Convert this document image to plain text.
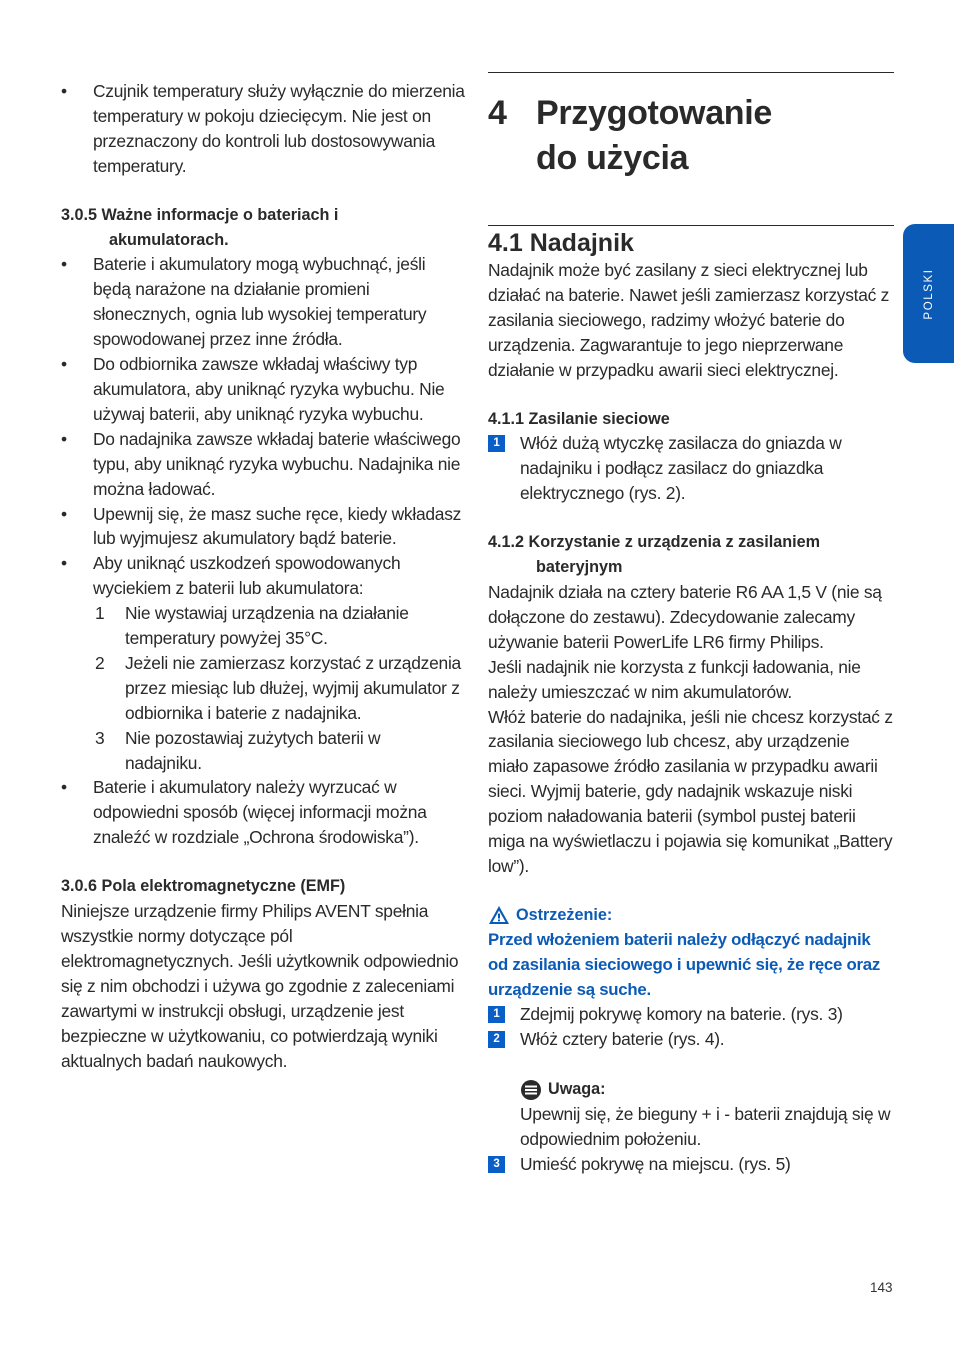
•	Czujnik temperatury służy wyłącznie do mierzenia temperatury w pokoju dziecięcym. Nie jest on przeznaczony do kontroli lub dostosowywania temperatury.
3.0.5 Ważne informacje o bateriach i
akumulatorach.
•	Baterie i akumulatory mogą wybuchnąć, jeśli będą narażone na działanie promieni słonecznych, ognia lub wysokiej temperatury spowodowanej przez inne źródła.
•	Do odbiornika zawsze wkładaj właściwy typ akumulatora, aby uniknąć ryzyka wybuchu. Nie używaj baterii, aby uniknąć ryzyka wybuchu.
•	Do nadajnika zawsze wkładaj baterie właściwego typu, aby uniknąć ryzyka wybuchu. Nadajnika nie można ładować.
•	Upewnij się, że masz suche ręce, kiedy wkładasz lub wyjmujesz akumulatory bądź baterie.
•	Aby uniknąć uszkodzeń spowodowanych wyciekiem z baterii lub akumulatora:
1 Nie wystawiaj urządzenia na działanie temperatury powyżej 35°C.
2 Jeżeli nie zamierzasz korzystać z urządzenia przez miesiąc lub dłużej, wyjmij akumulator z odbiornika i baterie z nadajnika.
3 Nie pozostawiaj zużytych baterii w nadajniku.
•	Baterie i akumulatory należy wyrzucać w odpowiedni sposób (więcej informacji można znaleźć w rozdziale „Ochrona środowiska”).
3.0.6 Pola elektromagnetyczne (EMF)

Niniejsze urządzenie firmy Philips AVENT spełnia wszystkie normy dotyczące pól elektromagnetycznych. Jeśli użytkownik odpowiednio się z nim obchodzi i używa go zgodnie z zaleceniami zawartymi w instrukcji obsługi, urządzenie jest bezpieczne w użytkowaniu, co potwierdzają wyniki aktualnych badań naukowych.

4 Przygotowanie
do użycia
4.1 Nadajnik

Nadajnik może być zasilany z sieci elektrycznej lub działać na baterie. Nawet jeśli zamierzasz korzystać z zasilania sieciowego, radzimy włożyć baterie do urządzenia. Zagwarantuje to jego nieprzerwane działanie w przypadku awarii sieci elektrycznej.

4.1.1 Zasilanie sieciowe
1	Włóż dużą wtyczkę zasilacza do gniazda w nadajniku i podłącz zasilacz do gniazdka elektrycznego (rys. 2).
4.1.2 Korzystanie z urządzenia z zasilaniem
bateryjnym

Nadajnik działa na cztery baterie R6 AA 1,5 V (nie są dołączone do zestawu). Zdecydowanie zalecamy używanie baterii PowerLife LR6 firmy Philips.

Jeśli nadajnik nie korzysta z funkcji ładowania, nie należy umieszczać w nim akumulatorów.

Włóż baterie do nadajnika, jeśli nie chcesz korzystać z zasilania sieciowego lub chcesz, aby urządzenie miało zapasowe źródło zasilania w przypadku awarii sieci. Wyjmij baterie, gdy nadajnik wskazuje niski poziom naładowania baterii (symbol pustej baterii miga na wyświetlaczu i pojawia się komunikat „Battery low”).

Ostrzeżenie:

Przed włożeniem baterii należy odłączyć nadajnik od zasilania sieciowego i upewnić się, że ręce oraz urządzenie są suche.

1	Zdejmij pokrywę komory na baterie. (rys. 3)
2	Włóż cztery baterie (rys. 4).
Uwaga:

Upewnij się, że bieguny + i - baterii znajdują się w odpowiednim położeniu.

3	Umieść pokrywę na miejscu. (rys. 5)
POLSKI
143
